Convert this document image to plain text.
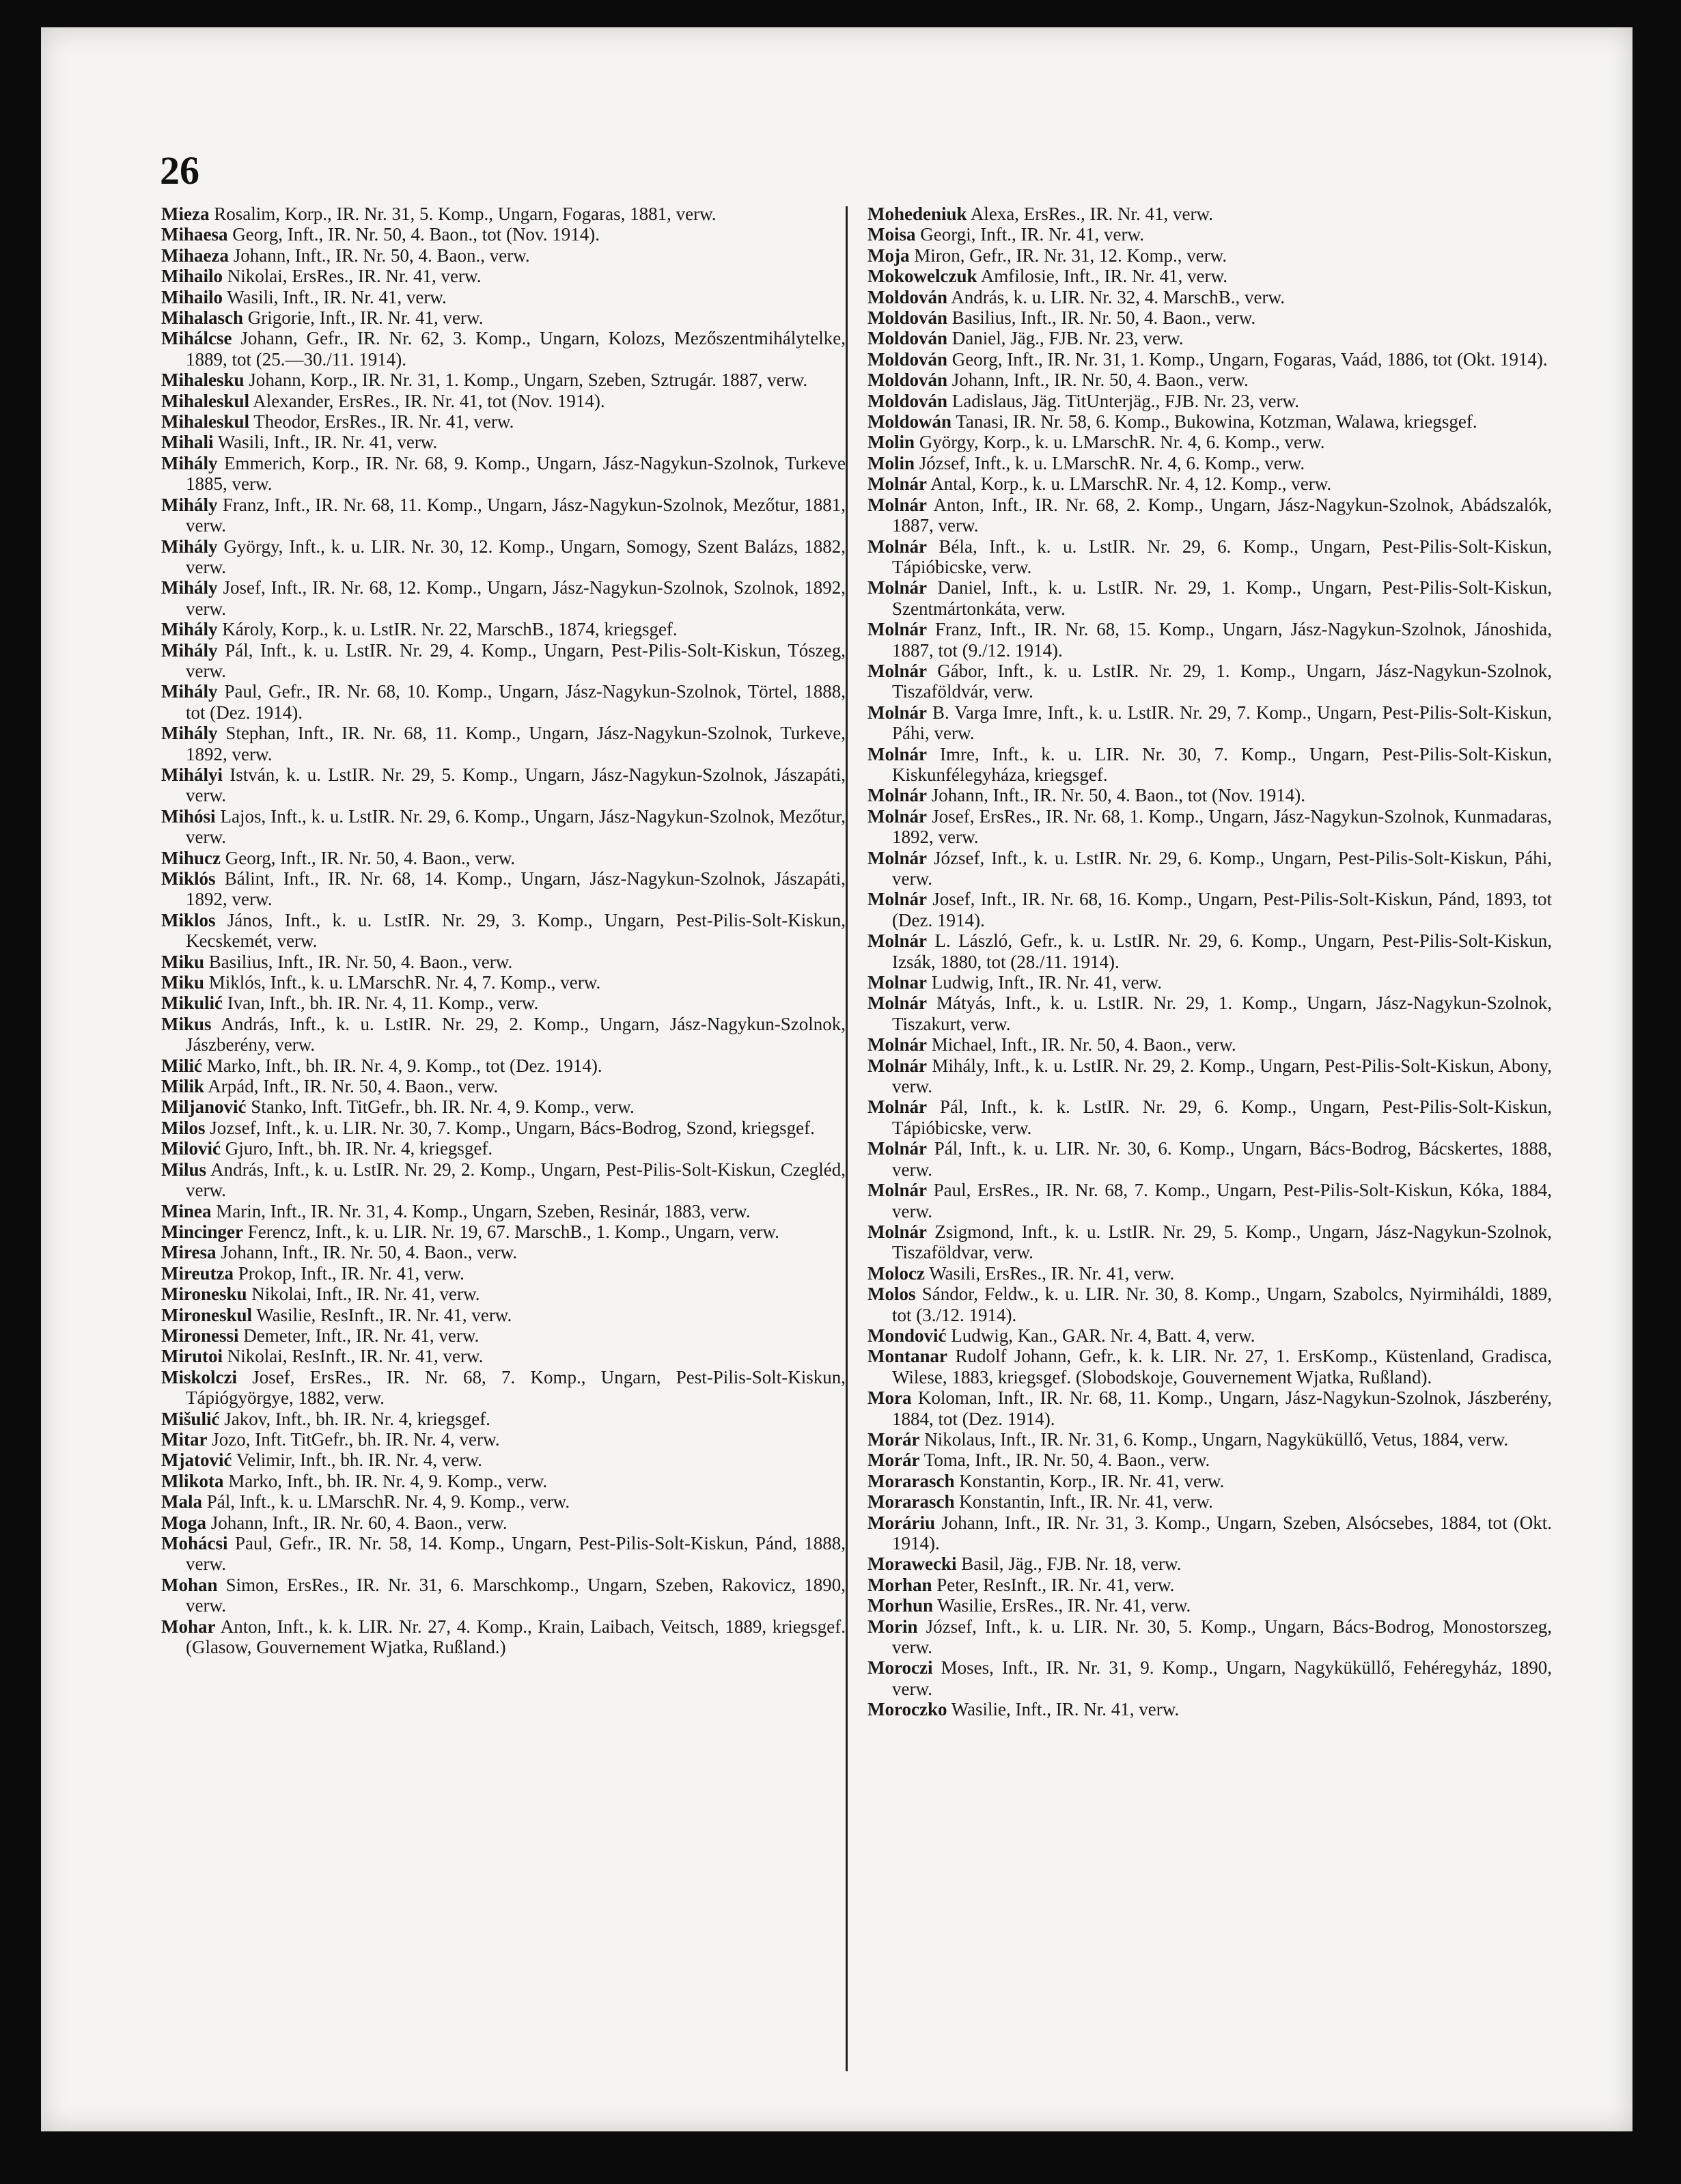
26

Mieza Rosalim, Korp., IR. Nr. 31, 5. Komp., Ungarn, Fogaras, 1881, verw.

Mihaesa Georg, Inft., IR. Nr. 50, 4. Baon., tot (Nov. 1914).

Mihaeza Johann, Inft., IR. Nr. 50, 4. Baon., verw.

Mihailo Nikolai, ErsRes., IR. Nr. 41, verw.

Mihailo Wasili, Inft., IR. Nr. 41, verw.

Mihalasch Grigorie, Inft., IR. Nr. 41, verw.

Mihálcse Johann, Gefr., IR. Nr. 62, 3. Komp., Ungarn, Kolozs, Mezőszentmihálytelke, 1889, tot (25.—30./11. 1914).

Mihalesku Johann, Korp., IR. Nr. 31, 1. Komp., Ungarn, Szeben, Sztrugár. 1887, verw.

Mihaleskul Alexander, ErsRes., IR. Nr. 41, tot (Nov. 1914).

Mihaleskul Theodor, ErsRes., IR. Nr. 41, verw.

Mihali Wasili, Inft., IR. Nr. 41, verw.

Mihály Emmerich, Korp., IR. Nr. 68, 9. Komp., Ungarn, Jász-Nagykun-Szolnok, Turkeve 1885, verw.

Mihály Franz, Inft., IR. Nr. 68, 11. Komp., Ungarn, Jász-Nagykun-Szolnok, Mezőtur, 1881, verw.

Mihály György, Inft., k. u. LIR. Nr. 30, 12. Komp., Ungarn, Somogy, Szent Balázs, 1882, verw.

Mihály Josef, Inft., IR. Nr. 68, 12. Komp., Ungarn, Jász-Nagykun-Szolnok, Szolnok, 1892, verw.

Mihály Károly, Korp., k. u. LstIR. Nr. 22, MarschB., 1874, kriegsgef.

Mihály Pál, Inft., k. u. LstIR. Nr. 29, 4. Komp., Ungarn, Pest-Pilis-Solt-Kiskun, Tószeg, verw.

Mihály Paul, Gefr., IR. Nr. 68, 10. Komp., Ungarn, Jász-Nagykun-Szolnok, Törtel, 1888, tot (Dez. 1914).

Mihály Stephan, Inft., IR. Nr. 68, 11. Komp., Ungarn, Jász-Nagykun-Szolnok, Turkeve, 1892, verw.

Mihályi István, k. u. LstIR. Nr. 29, 5. Komp., Ungarn, Jász-Nagykun-Szolnok, Jászapáti, verw.

Mihósi Lajos, Inft., k. u. LstIR. Nr. 29, 6. Komp., Ungarn, Jász-Nagykun-Szolnok, Mezőtur, verw.

Mihucz Georg, Inft., IR. Nr. 50, 4. Baon., verw.

Miklós Bálint, Inft., IR. Nr. 68, 14. Komp., Ungarn, Jász-Nagykun-Szolnok, Jászapáti, 1892, verw.

Miklos János, Inft., k. u. LstIR. Nr. 29, 3. Komp., Ungarn, Pest-Pilis-Solt-Kiskun, Kecskemét, verw.

Miku Basilius, Inft., IR. Nr. 50, 4. Baon., verw.

Miku Miklós, Inft., k. u. LMarschR. Nr. 4, 7. Komp., verw.

Mikulić Ivan, Inft., bh. IR. Nr. 4, 11. Komp., verw.

Mikus András, Inft., k. u. LstIR. Nr. 29, 2. Komp., Ungarn, Jász-Nagykun-Szolnok, Jászberény, verw.

Milić Marko, Inft., bh. IR. Nr. 4, 9. Komp., tot (Dez. 1914).

Milik Arpád, Inft., IR. Nr. 50, 4. Baon., verw.

Miljanović Stanko, Inft. TitGefr., bh. IR. Nr. 4, 9. Komp., verw.

Milos Jozsef, Inft., k. u. LIR. Nr. 30, 7. Komp., Ungarn, Bács-Bodrog, Szond, kriegsgef.

Milović Gjuro, Inft., bh. IR. Nr. 4, kriegsgef.

Milus András, Inft., k. u. LstIR. Nr. 29, 2. Komp., Ungarn, Pest-Pilis-Solt-Kiskun, Czegléd, verw.

Minea Marin, Inft., IR. Nr. 31, 4. Komp., Ungarn, Szeben, Resinár, 1883, verw.

Mincinger Ferencz, Inft., k. u. LIR. Nr. 19, 67. MarschB., 1. Komp., Ungarn, verw.

Miresa Johann, Inft., IR. Nr. 50, 4. Baon., verw.

Mireutza Prokop, Inft., IR. Nr. 41, verw.

Mironesku Nikolai, Inft., IR. Nr. 41, verw.

Mironeskul Wasilie, ResInft., IR. Nr. 41, verw.

Mironessi Demeter, Inft., IR. Nr. 41, verw.

Mirutoi Nikolai, ResInft., IR. Nr. 41, verw.

Miskolczi Josef, ErsRes., IR. Nr. 68, 7. Komp., Ungarn, Pest-Pilis-Solt-Kiskun, Tápiógyörgye, 1882, verw.

Mišulić Jakov, Inft., bh. IR. Nr. 4, kriegsgef.

Mitar Jozo, Inft. TitGefr., bh. IR. Nr. 4, verw.

Mjatović Velimir, Inft., bh. IR. Nr. 4, verw.

Mlikota Marko, Inft., bh. IR. Nr. 4, 9. Komp., verw.

Mala Pál, Inft., k. u. LMarschR. Nr. 4, 9. Komp., verw.

Moga Johann, Inft., IR. Nr. 60, 4. Baon., verw.

Mohácsi Paul, Gefr., IR. Nr. 58, 14. Komp., Ungarn, Pest-Pilis-Solt-Kiskun, Pánd, 1888, verw.

Mohan Simon, ErsRes., IR. Nr. 31, 6. Marschkomp., Ungarn, Szeben, Rakovicz, 1890, verw.

Mohar Anton, Inft., k. k. LIR. Nr. 27, 4. Komp., Krain, Laibach, Veitsch, 1889, kriegsgef. (Glasow, Gouvernement Wjatka, Rußland.)

Mohedeniuk Alexa, ErsRes., IR. Nr. 41, verw.

Moisa Georgi, Inft., IR. Nr. 41, verw.

Moja Miron, Gefr., IR. Nr. 31, 12. Komp., verw.

Mokowelczuk Amfilosie, Inft., IR. Nr. 41, verw.

Moldován András, k. u. LIR. Nr. 32, 4. MarschB., verw.

Moldován Basilius, Inft., IR. Nr. 50, 4. Baon., verw.

Moldován Daniel, Jäg., FJB. Nr. 23, verw.

Moldován Georg, Inft., IR. Nr. 31, 1. Komp., Ungarn, Fogaras, Vaád, 1886, tot (Okt. 1914).

Moldován Johann, Inft., IR. Nr. 50, 4. Baon., verw.

Moldován Ladislaus, Jäg. TitUnterjäg., FJB. Nr. 23, verw.

Moldowán Tanasi, IR. Nr. 58, 6. Komp., Bukowina, Kotzman, Walawa, kriegsgef.

Molin György, Korp., k. u. LMarschR. Nr. 4, 6. Komp., verw.

Molin József, Inft., k. u. LMarschR. Nr. 4, 6. Komp., verw.

Molnár Antal, Korp., k. u. LMarschR. Nr. 4, 12. Komp., verw.

Molnár Anton, Inft., IR. Nr. 68, 2. Komp., Ungarn, Jász-Nagykun-Szolnok, Abádszalók, 1887, verw.

Molnár Béla, Inft., k. u. LstIR. Nr. 29, 6. Komp., Ungarn, Pest-Pilis-Solt-Kiskun, Tápióbicske, verw.

Molnár Daniel, Inft., k. u. LstIR. Nr. 29, 1. Komp., Ungarn, Pest-Pilis-Solt-Kiskun, Szentmártonkáta, verw.

Molnár Franz, Inft., IR. Nr. 68, 15. Komp., Ungarn, Jász-Nagykun-Szolnok, Jánoshida, 1887, tot (9./12. 1914).

Molnár Gábor, Inft., k. u. LstIR. Nr. 29, 1. Komp., Ungarn, Jász-Nagykun-Szolnok, Tiszaföldvár, verw.

Molnár B. Varga Imre, Inft., k. u. LstIR. Nr. 29, 7. Komp., Ungarn, Pest-Pilis-Solt-Kiskun, Páhi, verw.

Molnár Imre, Inft., k. u. LIR. Nr. 30, 7. Komp., Ungarn, Pest-Pilis-Solt-Kiskun, Kiskunfélegyháza, kriegsgef.

Molnár Johann, Inft., IR. Nr. 50, 4. Baon., tot (Nov. 1914).

Molnár Josef, ErsRes., IR. Nr. 68, 1. Komp., Ungarn, Jász-Nagykun-Szolnok, Kunmadaras, 1892, verw.

Molnár József, Inft., k. u. LstIR. Nr. 29, 6. Komp., Ungarn, Pest-Pilis-Solt-Kiskun, Páhi, verw.

Molnár Josef, Inft., IR. Nr. 68, 16. Komp., Ungarn, Pest-Pilis-Solt-Kiskun, Pánd, 1893, tot (Dez. 1914).

Molnár L. László, Gefr., k. u. LstIR. Nr. 29, 6. Komp., Ungarn, Pest-Pilis-Solt-Kiskun, Izsák, 1880, tot (28./11. 1914).

Molnar Ludwig, Inft., IR. Nr. 41, verw.

Molnár Mátyás, Inft., k. u. LstIR. Nr. 29, 1. Komp., Ungarn, Jász-Nagykun-Szolnok, Tiszakurt, verw.

Molnár Michael, Inft., IR. Nr. 50, 4. Baon., verw.

Molnár Mihály, Inft., k. u. LstIR. Nr. 29, 2. Komp., Ungarn, Pest-Pilis-Solt-Kiskun, Abony, verw.

Molnár Pál, Inft., k. k. LstIR. Nr. 29, 6. Komp., Ungarn, Pest-Pilis-Solt-Kiskun, Tápióbicske, verw.

Molnár Pál, Inft., k. u. LIR. Nr. 30, 6. Komp., Ungarn, Bács-Bodrog, Bácskertes, 1888, verw.

Molnár Paul, ErsRes., IR. Nr. 68, 7. Komp., Ungarn, Pest-Pilis-Solt-Kiskun, Kóka, 1884, verw.

Molnár Zsigmond, Inft., k. u. LstIR. Nr. 29, 5. Komp., Ungarn, Jász-Nagykun-Szolnok, Tiszaföldvar, verw.

Molocz Wasili, ErsRes., IR. Nr. 41, verw.

Molos Sándor, Feldw., k. u. LIR. Nr. 30, 8. Komp., Ungarn, Szabolcs, Nyirmiháldi, 1889, tot (3./12. 1914).

Mondović Ludwig, Kan., GAR. Nr. 4, Batt. 4, verw.

Montanar Rudolf Johann, Gefr., k. k. LIR. Nr. 27, 1. ErsKomp., Küstenland, Gradisca, Wilese, 1883, kriegsgef. (Slobodskoje, Gouvernement Wjatka, Rußland).

Mora Koloman, Inft., IR. Nr. 68, 11. Komp., Ungarn, Jász-Nagykun-Szolnok, Jászberény, 1884, tot (Dez. 1914).

Morár Nikolaus, Inft., IR. Nr. 31, 6. Komp., Ungarn, Nagyküküllő, Vetus, 1884, verw.

Morár Toma, Inft., IR. Nr. 50, 4. Baon., verw.

Morarasch Konstantin, Korp., IR. Nr. 41, verw.

Morarasch Konstantin, Inft., IR. Nr. 41, verw.

Moráriu Johann, Inft., IR. Nr. 31, 3. Komp., Ungarn, Szeben, Alsócsebes, 1884, tot (Okt. 1914).

Morawecki Basil, Jäg., FJB. Nr. 18, verw.

Morhan Peter, ResInft., IR. Nr. 41, verw.

Morhun Wasilie, ErsRes., IR. Nr. 41, verw.

Morin József, Inft., k. u. LIR. Nr. 30, 5. Komp., Ungarn, Bács-Bodrog, Monostorszeg, verw.

Moroczi Moses, Inft., IR. Nr. 31, 9. Komp., Ungarn, Nagyküküllő, Fehéregyház, 1890, verw.

Moroczko Wasilie, Inft., IR. Nr. 41, verw.
